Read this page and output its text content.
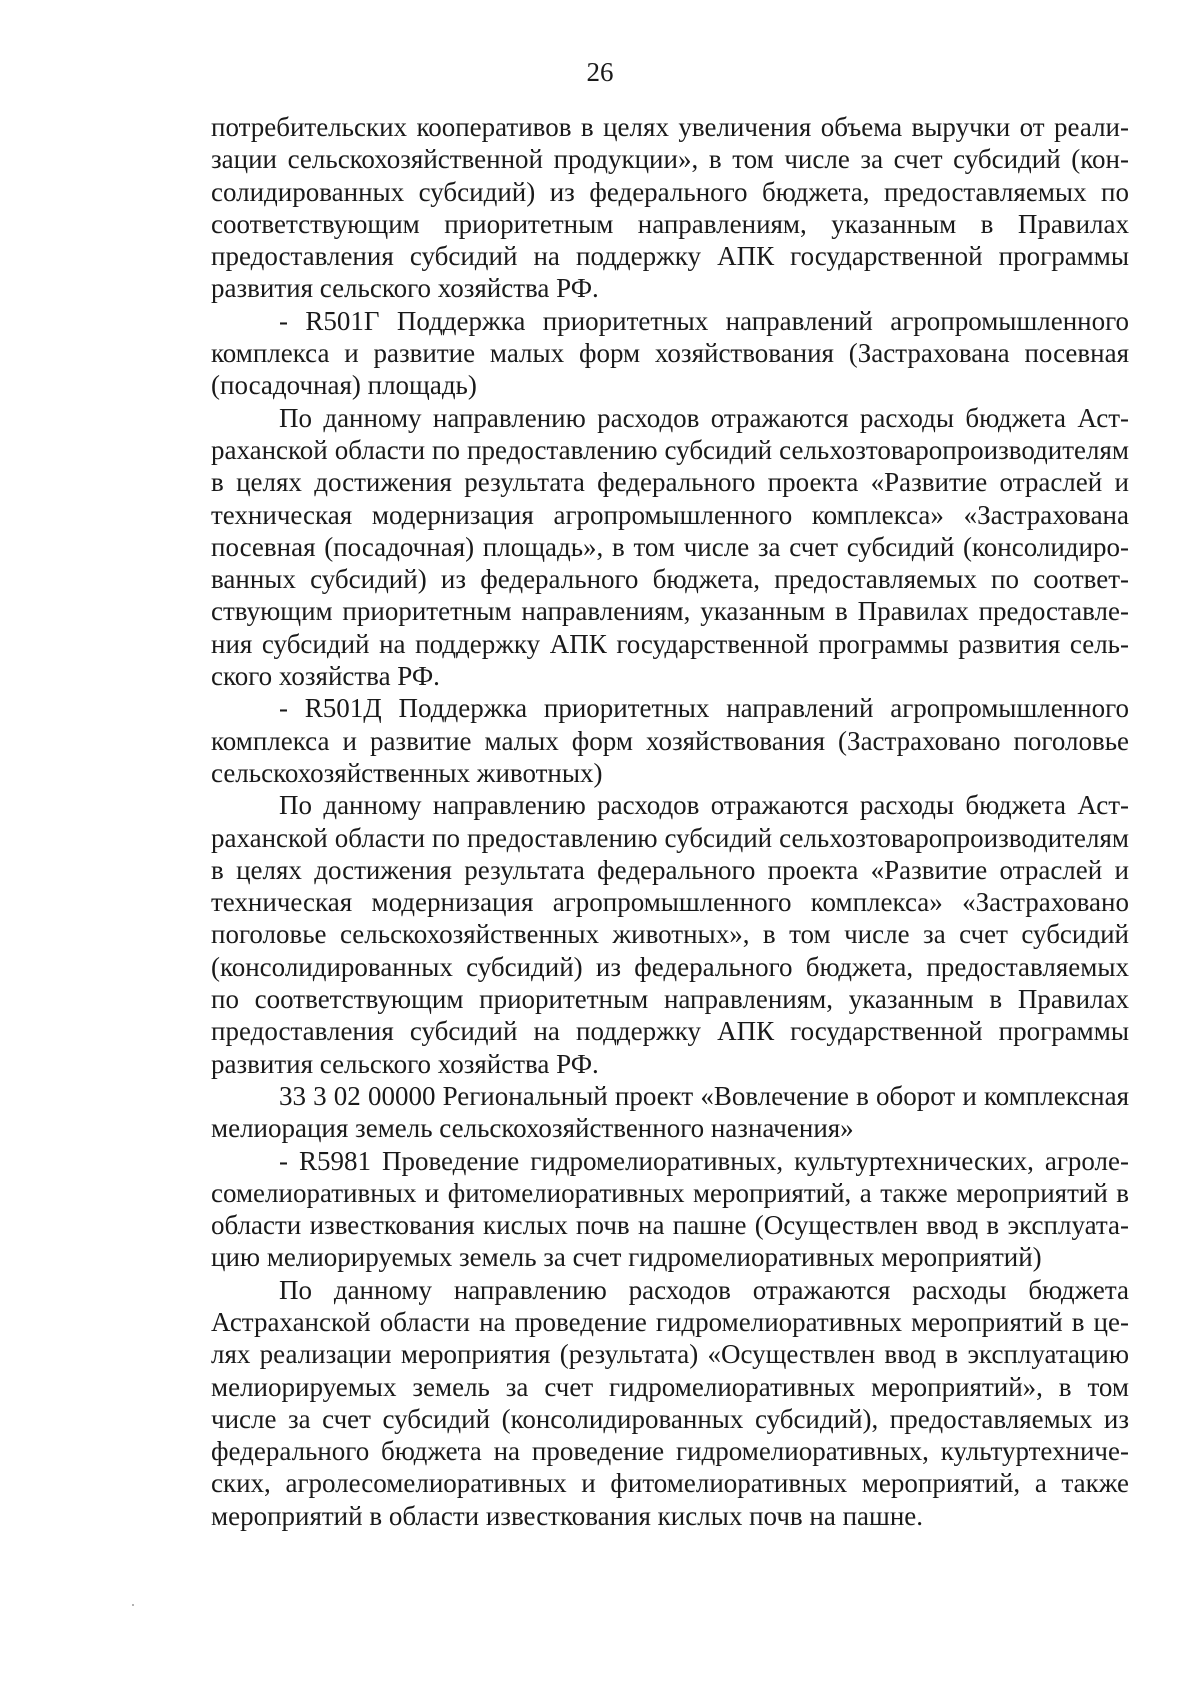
26

потребительских кооперативов в целях увеличения объема выручки от реализации сельскохозяйственной продукции», в том числе за счет субсидий (консолидированных субсидий) из федерального бюджета, предоставляемых по соответствующим приоритетным направлениям, указанным в Правилах предоставления субсидий на поддержку АПК государственной программы развития сельского хозяйства РФ.

- R501Г Поддержка приоритетных направлений агропромышленного комплекса и развитие малых форм хозяйствования (Застрахована посевная (посадочная) площадь)

По данному направлению расходов отражаются расходы бюджета Астраханской области по предоставлению субсидий сельхозтоваропроизводителям в целях достижения результата федерального проекта «Развитие отраслей и техническая модернизация агропромышленного комплекса» «Застрахована посевная (посадочная) площадь», в том числе за счет субсидий (консолидированных субсидий) из федерального бюджета, предоставляемых по соответствующим приоритетным направлениям, указанным в Правилах предоставления субсидий на поддержку АПК государственной программы развития сельского хозяйства РФ.

- R501Д Поддержка приоритетных направлений агропромышленного комплекса и развитие малых форм хозяйствования (Застраховано поголовье сельскохозяйственных животных)

По данному направлению расходов отражаются расходы бюджета Астраханской области по предоставлению субсидий сельхозтоваропроизводителям в целях достижения результата федерального проекта «Развитие отраслей и техническая модернизация агропромышленного комплекса» «Застраховано поголовье сельскохозяйственных животных», в том числе за счет субсидий (консолидированных субсидий) из федерального бюджета, предоставляемых по соответствующим приоритетным направлениям, указанным в Правилах предоставления субсидий на поддержку АПК государственной программы развития сельского хозяйства РФ.

33 3 02 00000 Региональный проект «Вовлечение в оборот и комплексная мелиорация земель сельскохозяйственного назначения»

- R5981 Проведение гидромелиоративных, культуртехнических, агролесомелиоративных и фитомелиоративных мероприятий, а также мероприятий в области известкования кислых почв на пашне (Осуществлен ввод в эксплуатацию мелиорируемых земель за счет гидромелиоративных мероприятий)

По данному направлению расходов отражаются расходы бюджета Астраханской области на проведение гидромелиоративных мероприятий в целях реализации мероприятия (результата) «Осуществлен ввод в эксплуатацию мелиорируемых земель за счет гидромелиоративных мероприятий», в том числе за счет субсидий (консолидированных субсидий), предоставляемых из федерального бюджета на проведение гидромелиоративных, культуртехнических, агролесомелиоративных и фитомелиоративных мероприятий, а также мероприятий в области известкования кислых почв на пашне.
